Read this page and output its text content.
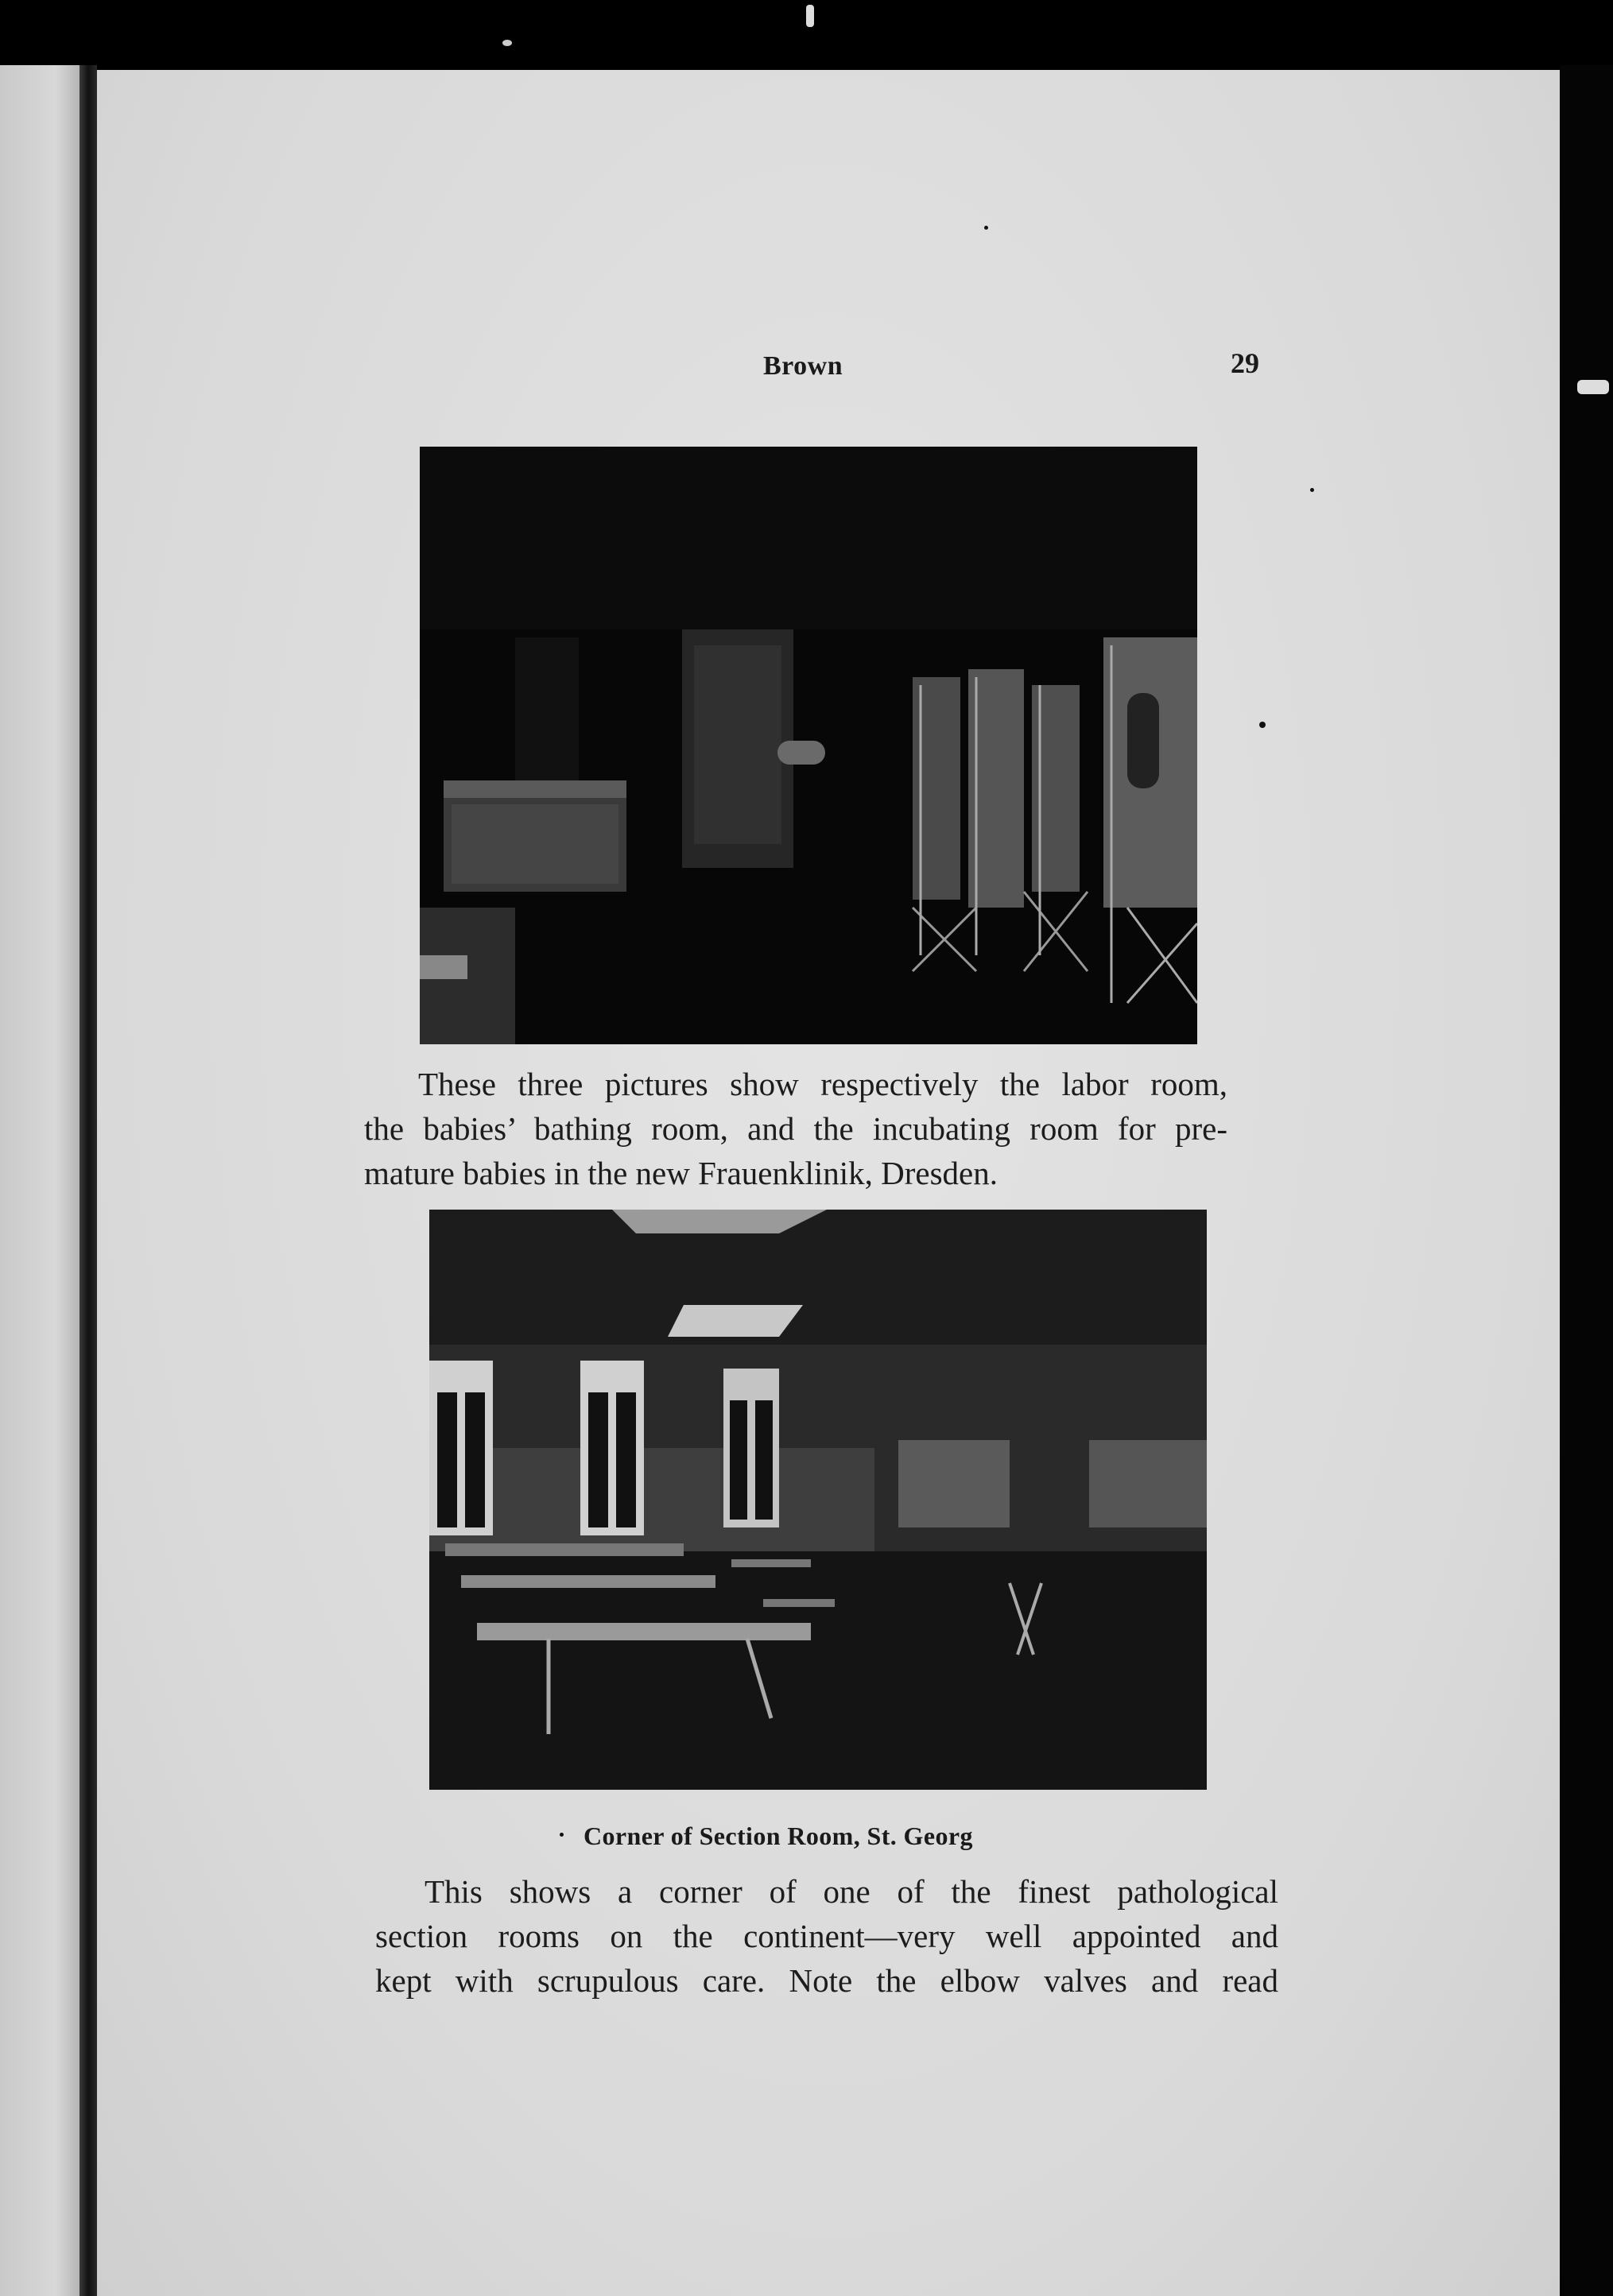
Brown	29
These three pictures show respectively the labor room,
the babies’ bathing room, and the incubating room for pre-
mature babies in the new Frauenklinik, Dresden.
Corner of Section Room, St. Georg
This shows a corner of one of the finest pathological
section rooms on the continent—very well appointed and
kept with scrupulous care. Note the elbow valves and read
